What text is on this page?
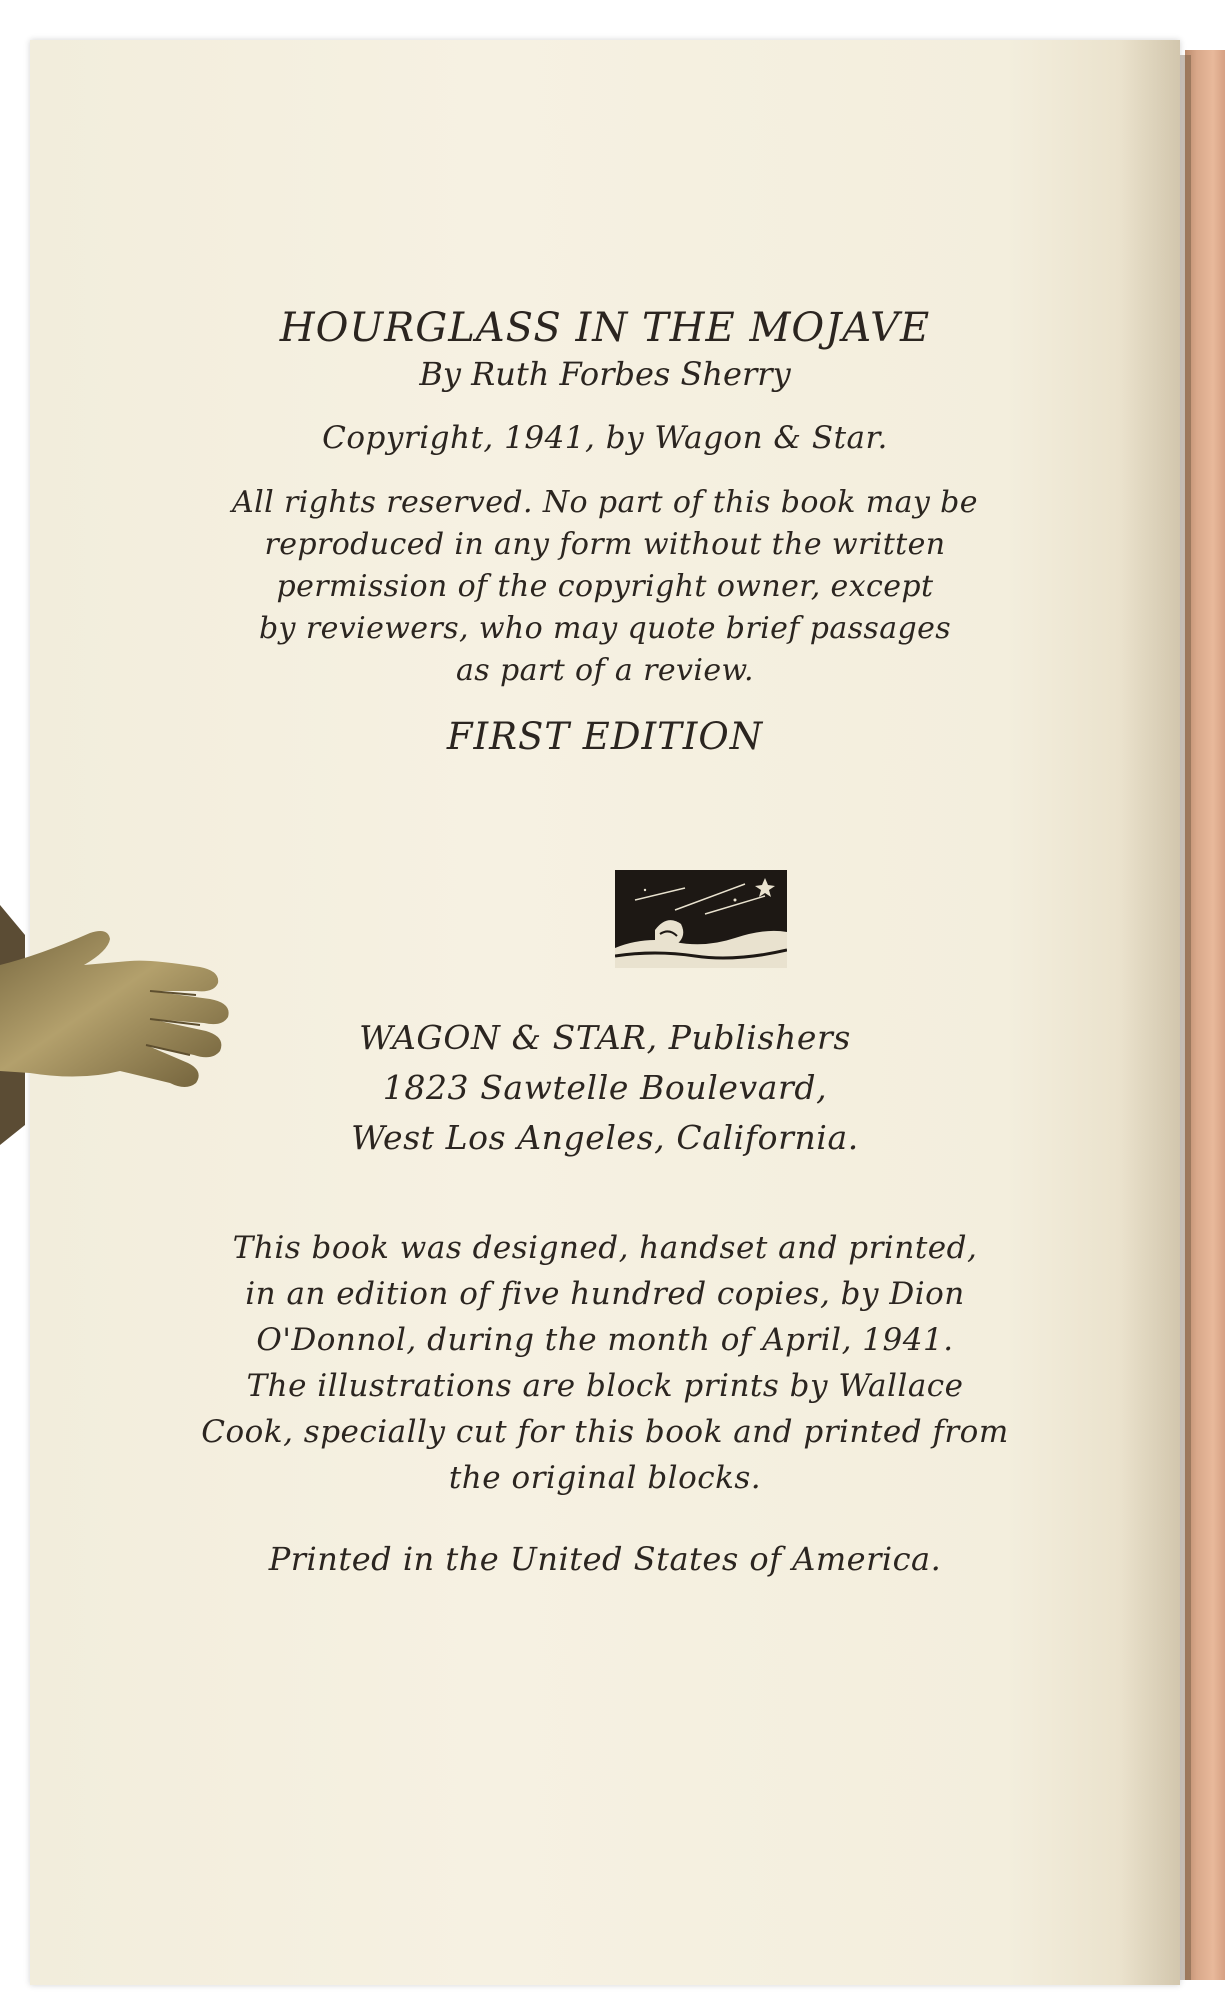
HOURGLASS IN THE MOJAVE
By Ruth Forbes Sherry
Copyright, 1941, by Wagon & Star.
All rights reserved. No part of this book may be
reproduced in any form without the written
permission of the copyright owner, except
by reviewers, who may quote brief passages
as part of a review.
FIRST EDITION
WAGON & STAR, Publishers
1823 Sawtelle Boulevard,
West Los Angeles, California.
This book was designed, handset and printed,
in an edition of five hundred copies, by Dion
O'Donnol, during the month of April, 1941.
The illustrations are block prints by Wallace
Cook, specially cut for this book and printed from
the original blocks.
Printed in the United States of America.
